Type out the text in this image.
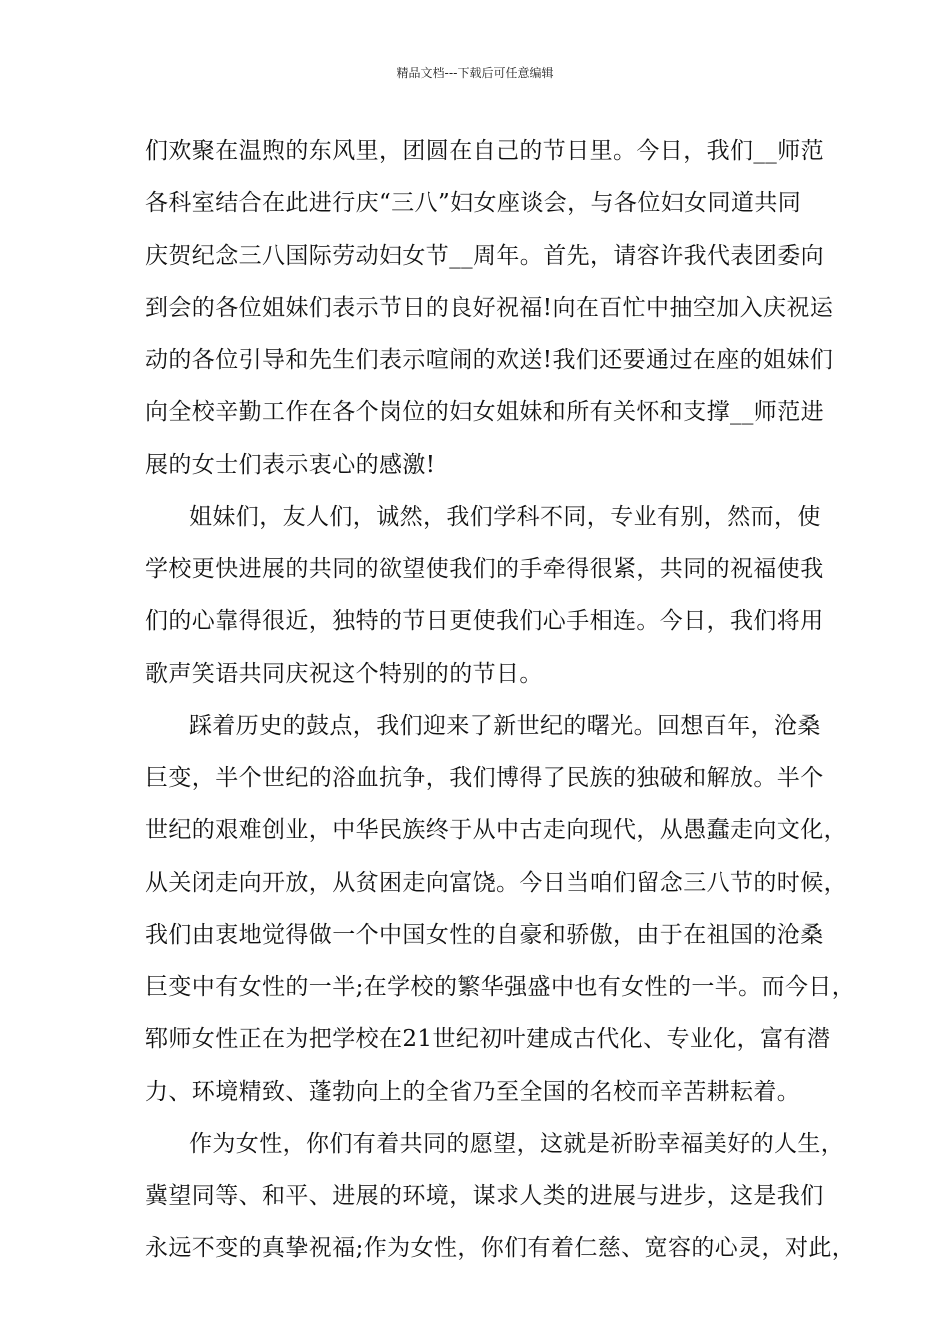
精品文档---下载后可任意编辑
们欢聚在温煦的东风里，团圆在自己的节日里。今日，我们__师范
各科室结合在此进行庆“三八”妇女座谈会，与各位妇女同道共同
庆贺纪念三八国际劳动妇女节__周年。首先，请容许我代表团委向
到会的各位姐妹们表示节日的良好祝福!向在百忙中抽空加入庆祝运
动的各位引导和先生们表示喧闹的欢送!我们还要通过在座的姐妹们
向全校辛勤工作在各个岗位的妇女姐妹和所有关怀和支撑__师范进
展的女士们表示衷心的感激!
姐妹们，友人们，诚然，我们学科不同，专业有别，然而，使
学校更快进展的共同的欲望使我们的手牵得很紧，共同的祝福使我
们的心靠得很近，独特的节日更使我们心手相连。今日，我们将用
歌声笑语共同庆祝这个特别的的节日。
踩着历史的鼓点，我们迎来了新世纪的曙光。回想百年，沧桑
巨变，半个世纪的浴血抗争，我们博得了民族的独破和解放。半个
世纪的艰难创业，中华民族终于从中古走向现代，从愚蠢走向文化，
从关闭走向开放，从贫困走向富饶。今日当咱们留念三八节的时候，
我们由衷地觉得做一个中国女性的自豪和骄傲，由于在祖国的沧桑
巨变中有女性的一半;在学校的繁华强盛中也有女性的一半。而今日，
郓师女性正在为把学校在21世纪初叶建成古代化、专业化，富有潜
力、环境精致、蓬勃向上的全省乃至全国的名校而辛苦耕耘着。
作为女性，你们有着共同的愿望，这就是祈盼幸福美好的人生，
冀望同等、和平、进展的环境，谋求人类的进展与进步，这是我们
永远不变的真挚祝福;作为女性，你们有着仁慈、宽容的心灵，对此，
